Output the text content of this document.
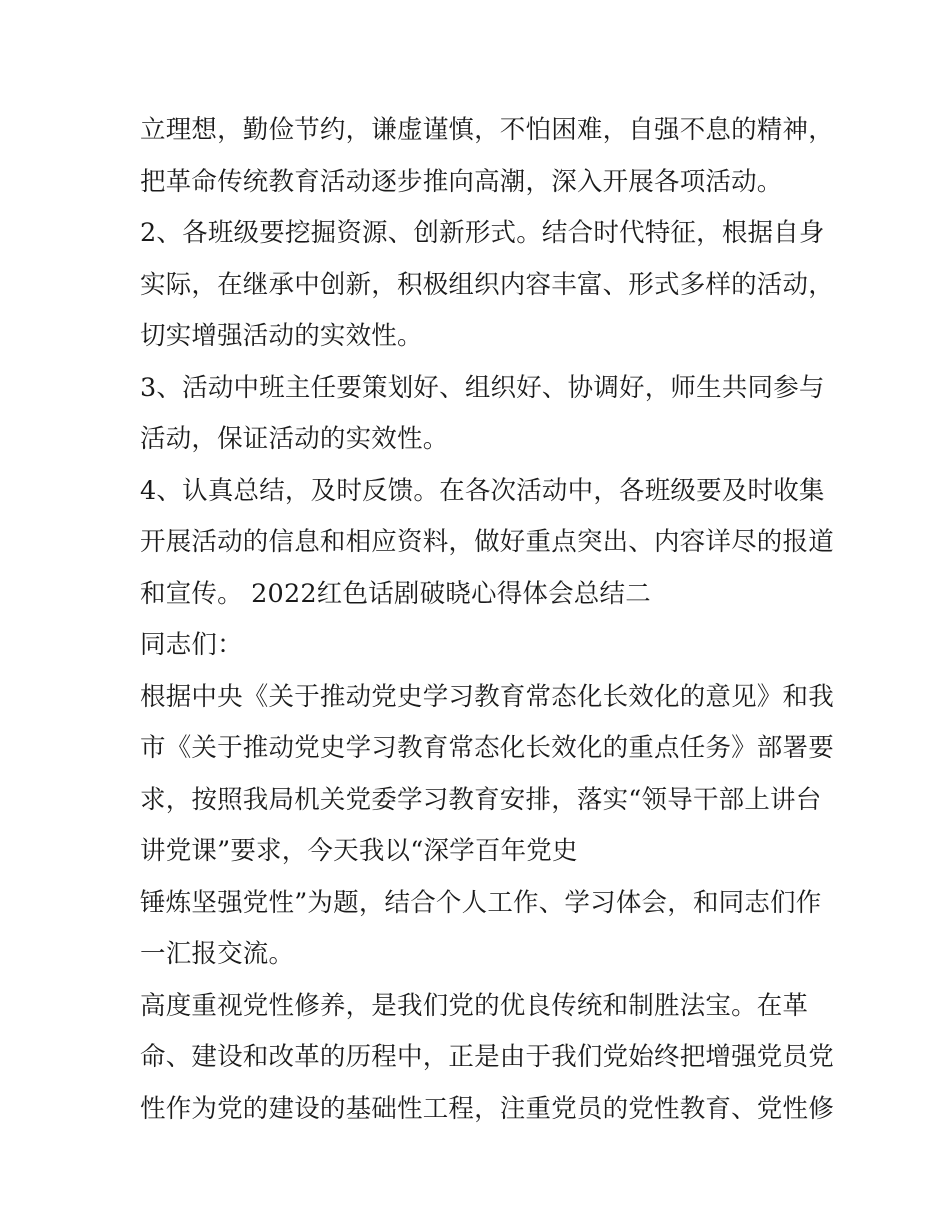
立理想，勤俭节约，谦虚谨慎，不怕困难，自强不息的精神，
把革命传统教育活动逐步推向高潮，深入开展各项活动。
2、各班级要挖掘资源、创新形式。结合时代特征，根据自身
实际，在继承中创新，积极组织内容丰富、形式多样的活动，
切实增强活动的实效性。
3、活动中班主任要策划好、组织好、协调好，师生共同参与
活动，保证活动的实效性。
4、认真总结，及时反馈。在各次活动中，各班级要及时收集
开展活动的信息和相应资料，做好重点突出、内容详尽的报道
和宣传。 2022红色话剧破晓心得体会总结二
同志们：
根据中央《关于推动党史学习教育常态化长效化的意见》和我
市《关于推动党史学习教育常态化长效化的重点任务》部署要
求，按照我局机关党委学习教育安排，落实“领导干部上讲台
讲党课”要求，今天我以“深学百年党史
锤炼坚强党性”为题，结合个人工作、学习体会，和同志们作
一汇报交流。
高度重视党性修养，是我们党的优良传统和制胜法宝。在革
命、建设和改革的历程中，正是由于我们党始终把增强党员党
性作为党的建设的基础性工程，注重党员的党性教育、党性修
